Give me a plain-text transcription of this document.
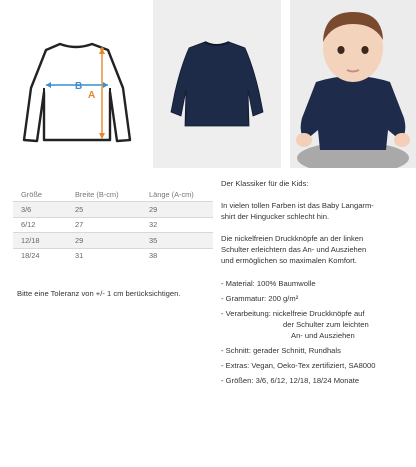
B
A
Größe	Breite (B-cm)	Länge (A-cm)
3/6	25	29
6/12	27	32
12/18	29	35
18/24	31	38
Bitte eine Toleranz von +/- 1 cm berücksichtigen.

Der Klassiker für die Kids:

In vielen tollen Farben ist das Baby Langarm-
shirt der Hingucker schlecht hin.

Die nickelfreien Druckknöpfe an der linken
Schulter erleichtern das An- und Ausziehen
und ermöglichen so maximalen Komfort.

- Material: 100% Baumwolle
- Grammatur: 200 g/m²
- Verarbeitung: nickelfreie Druckknöpfe auf
der Schulter zum leichten
An- und Ausziehen
- Schnitt: gerader Schnitt, Rundhals
- Extras: Vegan, Oeko-Tex zertifiziert, SA8000
- Größen: 3/6, 6/12, 12/18, 18/24 Monate
